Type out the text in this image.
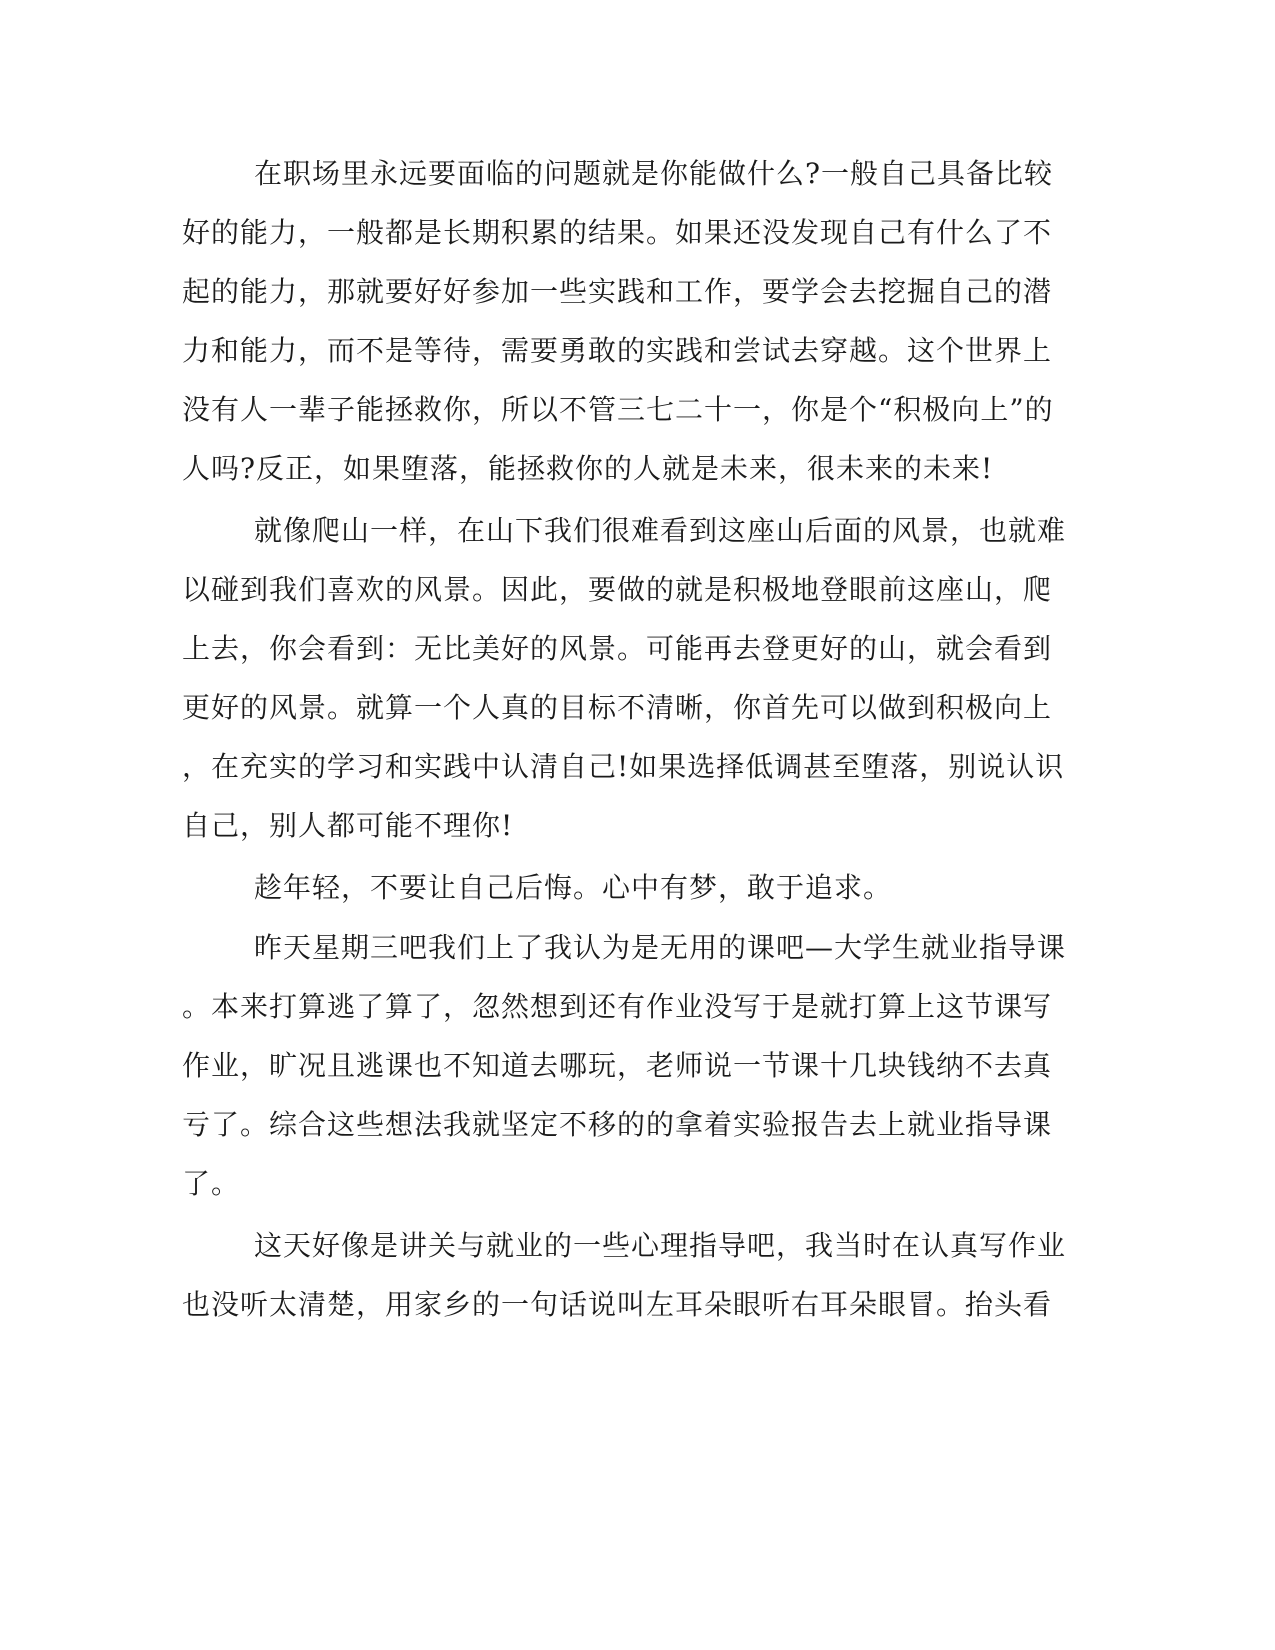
在职场里永远要面临的问题就是你能做什么?一般自己具备比较
好的能力，一般都是长期积累的结果。如果还没发现自己有什么了不
起的能力，那就要好好参加一些实践和工作，要学会去挖掘自己的潜
力和能力，而不是等待，需要勇敢的实践和尝试去穿越。这个世界上
没有人一辈子能拯救你，所以不管三七二十一，你是个“积极向上”的
人吗?反正，如果堕落，能拯救你的人就是未来，很未来的未来!
就像爬山一样，在山下我们很难看到这座山后面的风景，也就难
以碰到我们喜欢的风景。因此，要做的就是积极地登眼前这座山，爬
上去，你会看到：无比美好的风景。可能再去登更好的山，就会看到
更好的风景。就算一个人真的目标不清晰，你首先可以做到积极向上
，在充实的学习和实践中认清自己!如果选择低调甚至堕落，别说认识
自己，别人都可能不理你!
趁年轻，不要让自己后悔。心中有梦，敢于追求。
昨天星期三吧我们上了我认为是无用的课吧—大学生就业指导课
。本来打算逃了算了，忽然想到还有作业没写于是就打算上这节课写
作业，旷况且逃课也不知道去哪玩，老师说一节课十几块钱纳不去真
亏了。综合这些想法我就坚定不移的的拿着实验报告去上就业指导课
了。
这天好像是讲关与就业的一些心理指导吧，我当时在认真写作业
也没听太清楚，用家乡的一句话说叫左耳朵眼听右耳朵眼冒。抬头看
